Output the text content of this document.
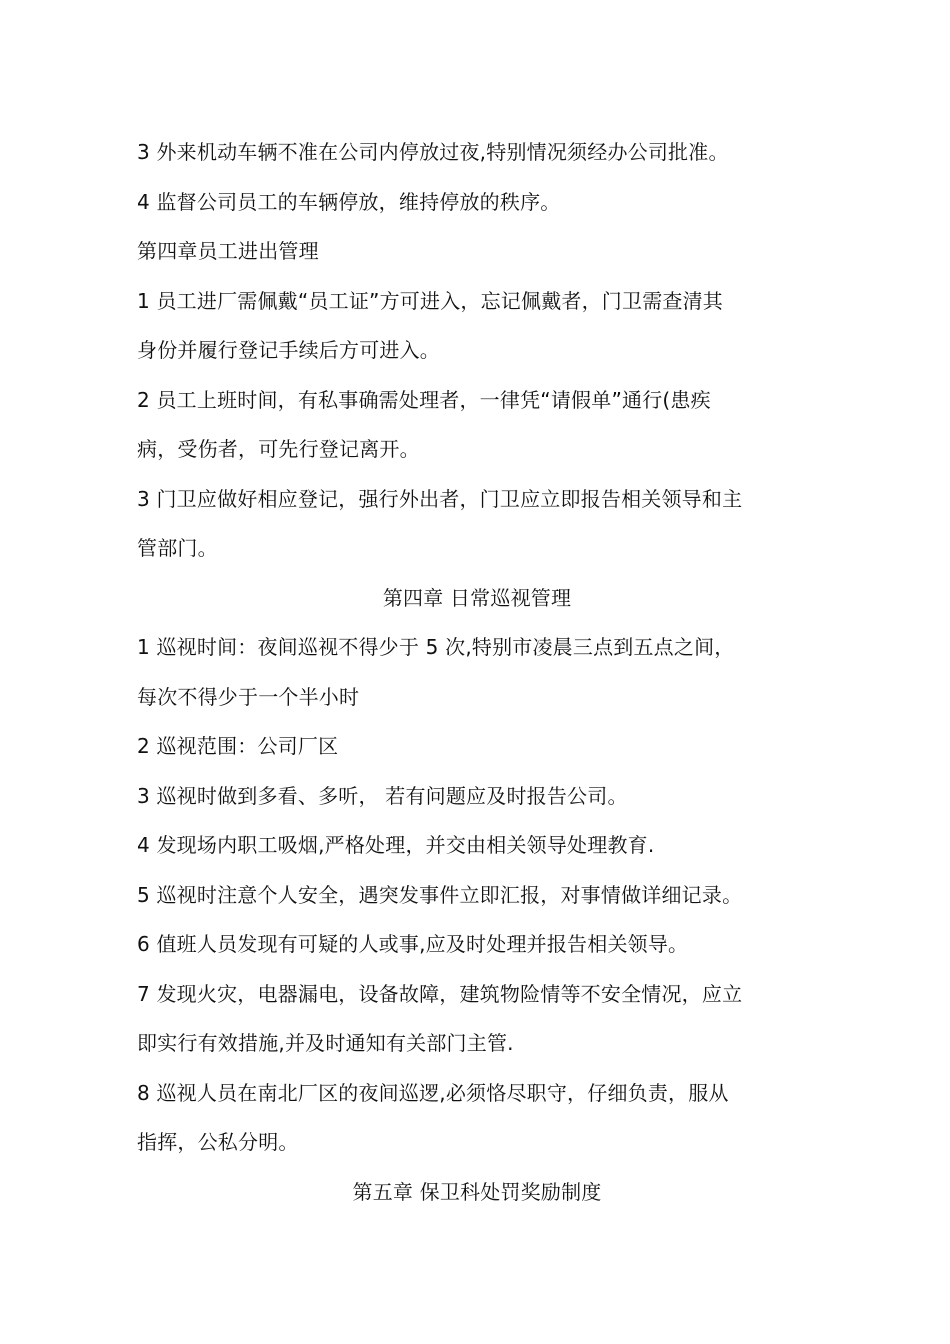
3 外来机动车辆不准在公司内停放过夜,特别情况须经办公司批准。
4 监督公司员工的车辆停放，维持停放的秩序。
第四章员工进出管理
1 员工进厂需佩戴“员工证”方可进入，忘记佩戴者，门卫需查清其
身份并履行登记手续后方可进入。
2 员工上班时间，有私事确需处理者，一律凭“请假单”通行(患疾
病，受伤者，可先行登记离开。
3 门卫应做好相应登记，强行外出者，门卫应立即报告相关领导和主
管部门。
第四章 日常巡视管理
1 巡视时间：夜间巡视不得少于 5 次,特别市凌晨三点到五点之间，
每次不得少于一个半小时
2 巡视范围：公司厂区
3 巡视时做到多看、多听， 若有问题应及时报告公司。
4 发现场内职工吸烟,严格处理，并交由相关领导处理教育.
5 巡视时注意个人安全，遇突发事件立即汇报，对事情做详细记录。
6 值班人员发现有可疑的人或事,应及时处理并报告相关领导。
7 发现火灾，电器漏电，设备故障，建筑物险情等不安全情况，应立
即实行有效措施,并及时通知有关部门主管.
8 巡视人员在南北厂区的夜间巡逻,必须恪尽职守，仔细负责，服从
指挥，公私分明。
第五章 保卫科处罚奖励制度
